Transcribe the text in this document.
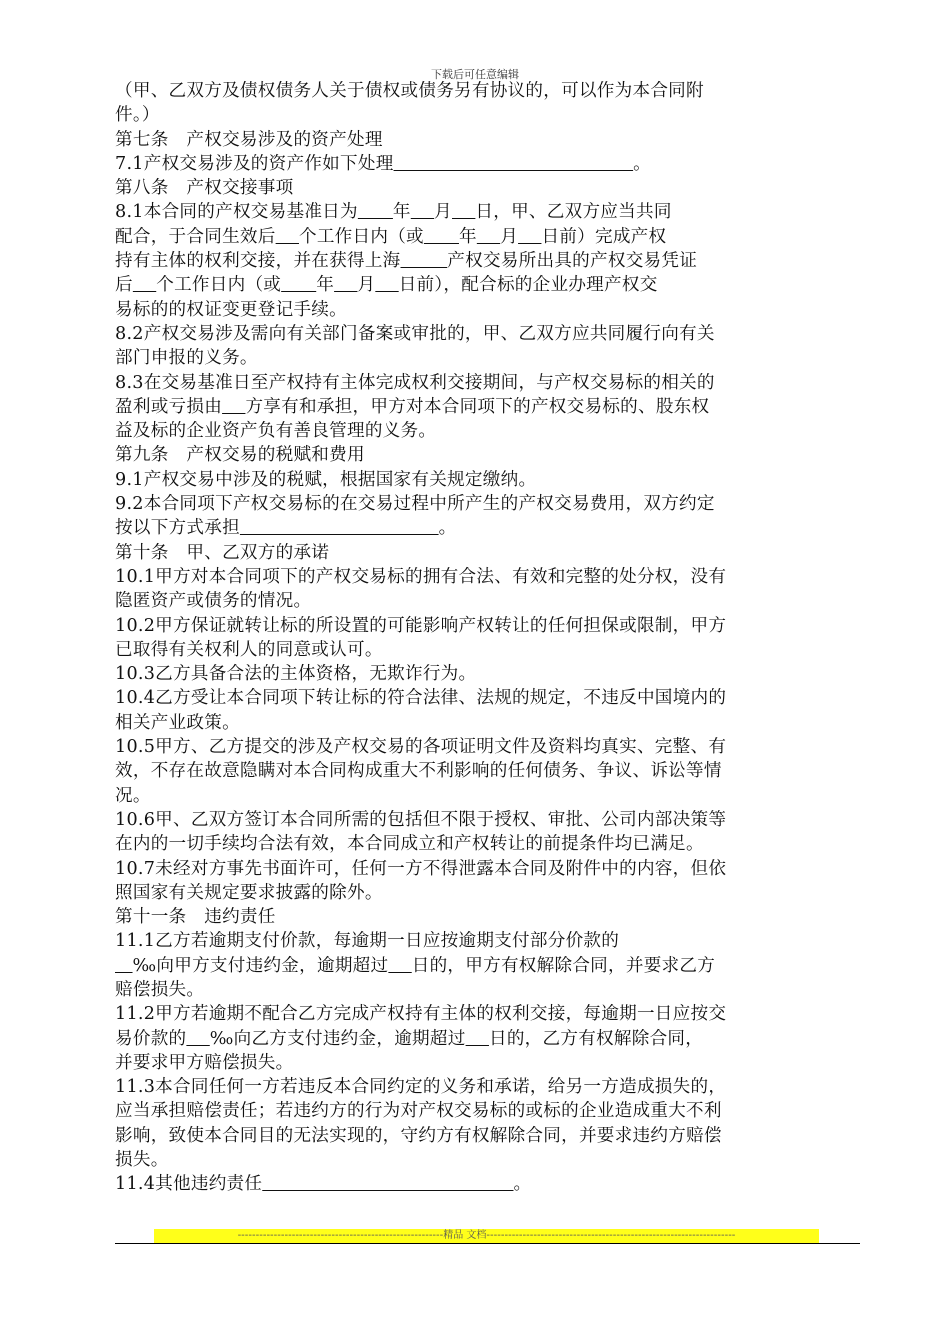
下载后可任意编辑
（甲、乙双方及债权债务人关于债权或债务另有协议的，可以作为本合同附
件。）
第七条　产权交易涉及的资产处理
7.1产权交易涉及的资产作如下处理	。
第八条　产权交接事项
8.1本合同的产权交易基准日为 年 月 日，甲、乙双方应当共同
配合，于合同生效后 个工作日内（或 年 月 日前）完成产权
持有主体的权利交接，并在获得上海	产权交易所出具的产权交易凭证
后 个工作日内（或 年 月 日前），配合标的企业办理产权交
易标的的权证变更登记手续。
8.2产权交易涉及需向有关部门备案或审批的，甲、乙双方应共同履行向有关
部门申报的义务。
8.3在交易基准日至产权持有主体完成权利交接期间，与产权交易标的相关的
盈利或亏损由 方享有和承担，甲方对本合同项下的产权交易标的、股东权
益及标的企业资产负有善良管理的义务。
第九条　产权交易的税赋和费用
9.1产权交易中涉及的税赋，根据国家有关规定缴纳。
9.2本合同项下产权交易标的在交易过程中所产生的产权交易费用，双方约定
按以下方式承担	。
第十条　甲、乙双方的承诺
10.1甲方对本合同项下的产权交易标的拥有合法、有效和完整的处分权，没有
隐匿资产或债务的情况。
10.2甲方保证就转让标的所设置的可能影响产权转让的任何担保或限制，甲方
已取得有关权利人的同意或认可。
10.3乙方具备合法的主体资格，无欺诈行为。
10.4乙方受让本合同项下转让标的符合法律、法规的规定，不违反中国境内的
相关产业政策。
10.5甲方、乙方提交的涉及产权交易的各项证明文件及资料均真实、完整、有
效，不存在故意隐瞒对本合同构成重大不利影响的任何债务、争议、诉讼等情
况。
10.6甲、乙双方签订本合同所需的包括但不限于授权、审批、公司内部决策等
在内的一切手续均合法有效，本合同成立和产权转让的前提条件均已满足。
10.7未经对方事先书面许可，任何一方不得泄露本合同及附件中的内容，但依
照国家有关规定要求披露的除外。
第十一条　违约责任
11.1乙方若逾期支付价款，每逾期一日应按逾期支付部分价款的
‰向甲方支付违约金，逾期超过 日的，甲方有权解除合同，并要求乙方
赔偿损失。
11.2甲方若逾期不配合乙方完成产权持有主体的权利交接，每逾期一日应按交
易价款的 ‰向乙方支付违约金，逾期超过 日的，乙方有权解除合同，
并要求甲方赔偿损失。
11.3本合同任何一方若违反本合同约定的义务和承诺，给另一方造成损失的，
应当承担赔偿责任；若违约方的行为对产权交易标的或标的企业造成重大不利
影响，致使本合同目的无法实现的，守约方有权解除合同，并要求违约方赔偿
损失。
11.4其他违约责任	。
---------------------------------------------------------精品 文档---------------------------------------------------------------------
